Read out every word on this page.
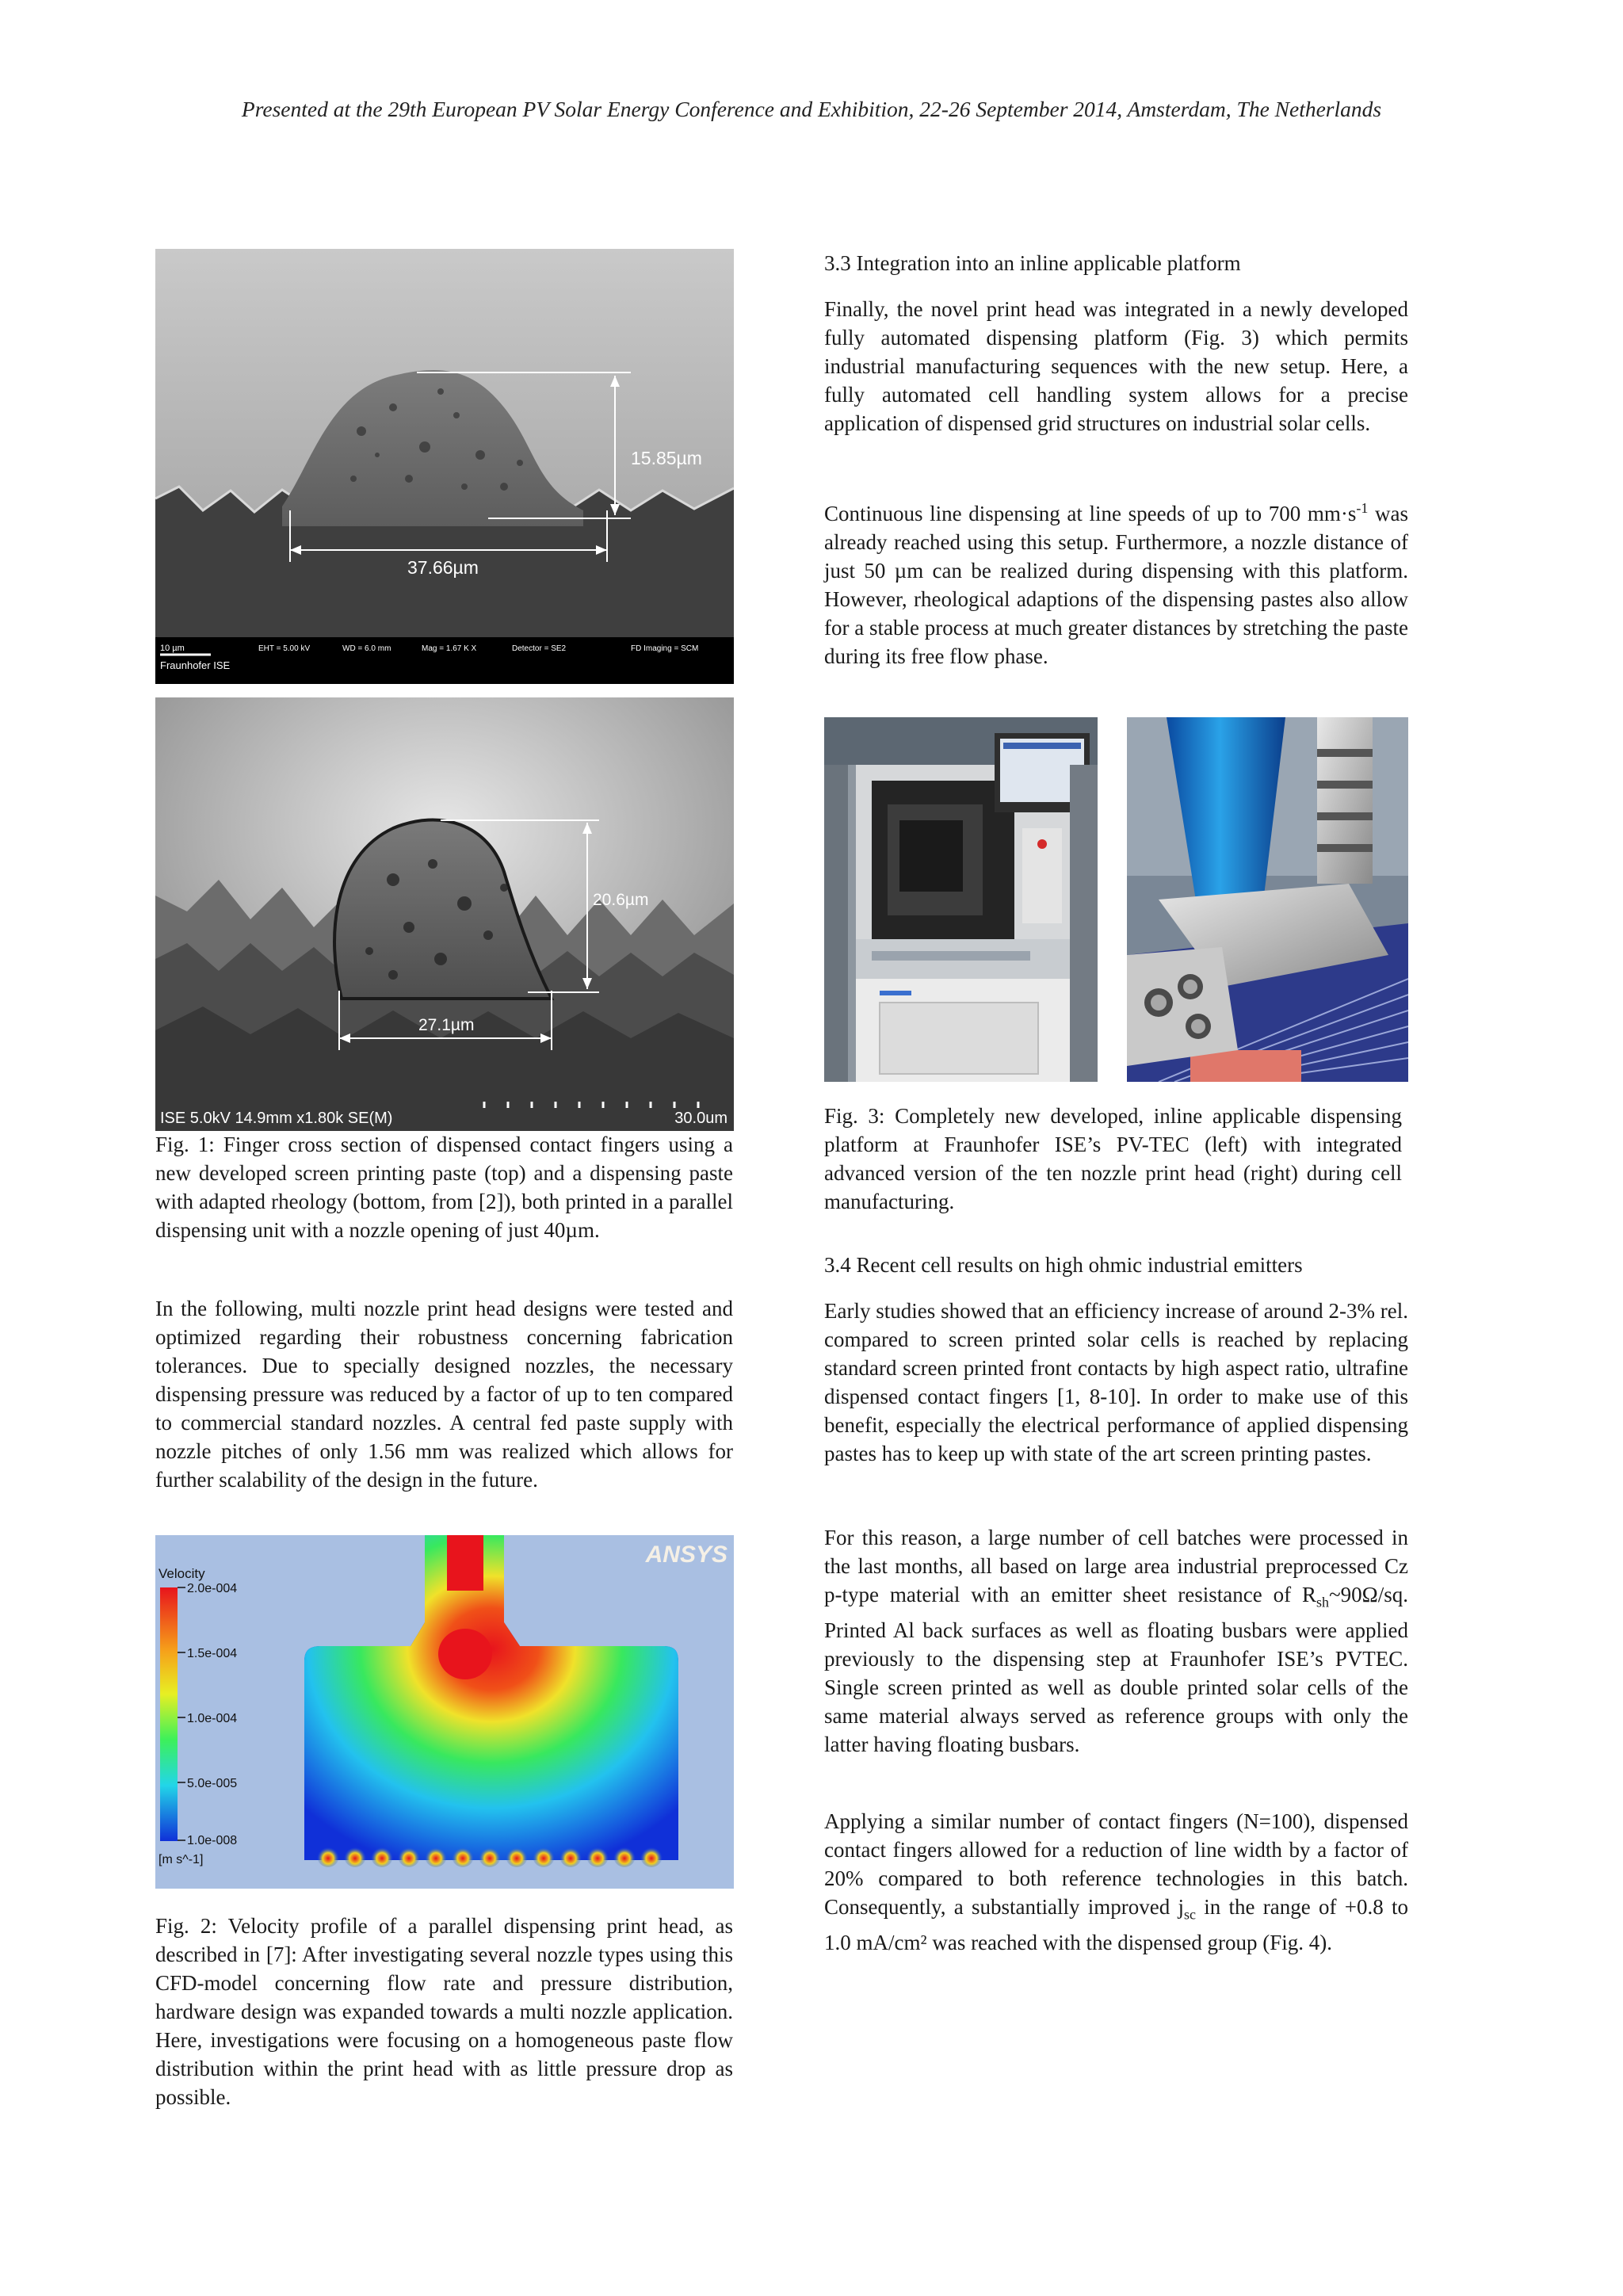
Presented at the 29th European PV Solar Energy Conference and Exhibition, 22-26 September 2014, Amsterdam, The Netherlands
15.85µm
37.66µm
10 µm
Fraunhofer ISE
EHT = 5.00 kV	WD = 6.0 mm	Mag = 1.67 K X	Detector = SE2	FD Imaging = SCM
20.6µm
27.1µm
ISE 5.0kV 14.9mm x1.80k SE(M)	30.0um

Fig. 1: Finger cross section of dispensed contact fingers using a new developed screen printing paste (top) and a dispensing paste with adapted rheology (bottom, from [2]), both printed in a parallel dispensing unit with a nozzle opening of just 40µm.

In the following, multi nozzle print head designs were tested and optimized regarding their robustness concerning fabrication tolerances. Due to specially designed nozzles, the necessary dispensing pressure was reduced by a factor of up to ten compared to commercial standard nozzles. A central fed paste supply with nozzle pitches of only 1.56 mm was realized which allows for further scalability of the design in the future.

Velocity
2.0e-004
1.5e-004
1.0e-004
5.0e-005
1.0e-008
[m s^-1]
ANSYS

Fig. 2: Velocity profile of a parallel dispensing print head, as described in [7]: After investigating several nozzle types using this CFD-model concerning flow rate and pressure distribution, hardware design was expanded towards a multi nozzle application. Here, investigations were focusing on a homogeneous paste flow distribution within the print head with as little pressure drop as possible.

3.3 Integration into an inline applicable platform

Finally, the novel print head was integrated in a newly developed fully automated dispensing platform (Fig. 3) which permits industrial manufacturing sequences with the new setup. Here, a fully automated cell handling system allows for a precise application of dispensed grid structures on industrial solar cells.

Continuous line dispensing at line speeds of up to 700 $mm\cdot s^{-1}$ was already reached using this setup. Furthermore, a nozzle distance of just 50 µm can be realized during dispensing with this platform. However, rheological adaptions of the dispensing pastes also allow for a stable process at much greater distances by stretching the paste during its free flow phase.

Fig. 3: Completely new developed, inline applicable dispensing platform at Fraunhofer ISE’s PV-TEC (left) with integrated advanced version of the ten nozzle print head (right) during cell manufacturing.

3.4 Recent cell results on high ohmic industrial emitters

Early studies showed that an efficiency increase of around 2-3% rel. compared to screen printed solar cells is reached by replacing standard screen printed front contacts by high aspect ratio, ultrafine dispensed contact fingers [1, 8-10]. In order to make use of this benefit, especially the electrical performance of applied dispensing pastes has to keep up with state of the art screen printing pastes.

For this reason, a large number of cell batches were processed in the last months, all based on large area industrial preprocessed Cz p-type material with an emitter sheet resistance of $R_{sh}\sim 90\Omega/sq$. Printed Al back surfaces as well as floating busbars were applied previously to the dispensing step at Fraunhofer ISE’s PVTEC. Single screen printed as well as double printed solar cells of the same material always served as reference groups with only the latter having floating busbars.

Applying a similar number of contact fingers (N=100), dispensed contact fingers allowed for a reduction of line width by a factor of 20% compared to both reference technologies in this batch. Consequently, a substantially improved $j_{sc}$ in the range of +0.8 to 1.0 mA/cm² was reached with the dispensed group (Fig. 4).
